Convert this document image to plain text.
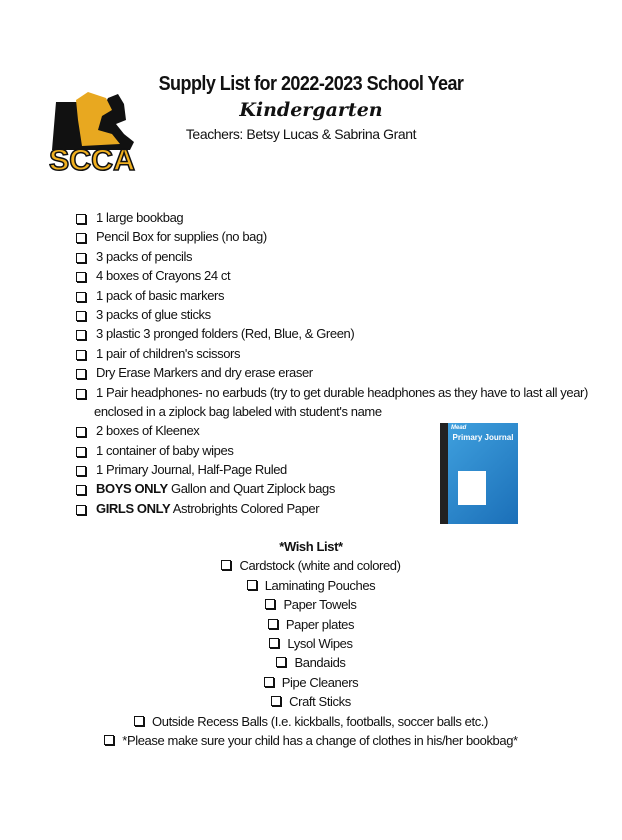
SCCA
Supply List for 2022-2023 School Year
Kindergarten
Teachers: Betsy Lucas & Sabrina Grant
1 large bookbag
Pencil Box for supplies (no bag)
3 packs of pencils
4 boxes of Crayons 24 ct
1 pack of basic markers
3 packs of glue sticks
3 plastic 3 pronged folders (Red, Blue, & Green)
1 pair of children's scissors
Dry Erase Markers and dry erase eraser
1 Pair headphones- no earbuds (try to get durable headphones as they have to last all year)
enclosed in a ziplock bag labeled with student's name
2 boxes of Kleenex
1 container of baby wipes
1 Primary Journal, Half-Page Ruled
BOYS ONLY Gallon and Quart Ziplock bags
GIRLS ONLY Astrobrights Colored Paper
Mead
Primary Journal
*Wish List*
Cardstock (white and colored)
Laminating Pouches
Paper Towels
Paper plates
Lysol Wipes
Bandaids
Pipe Cleaners
Craft Sticks
Outside Recess Balls (I.e. kickballs, footballs, soccer balls etc.)
*Please make sure your child has a change of clothes in his/her bookbag*
